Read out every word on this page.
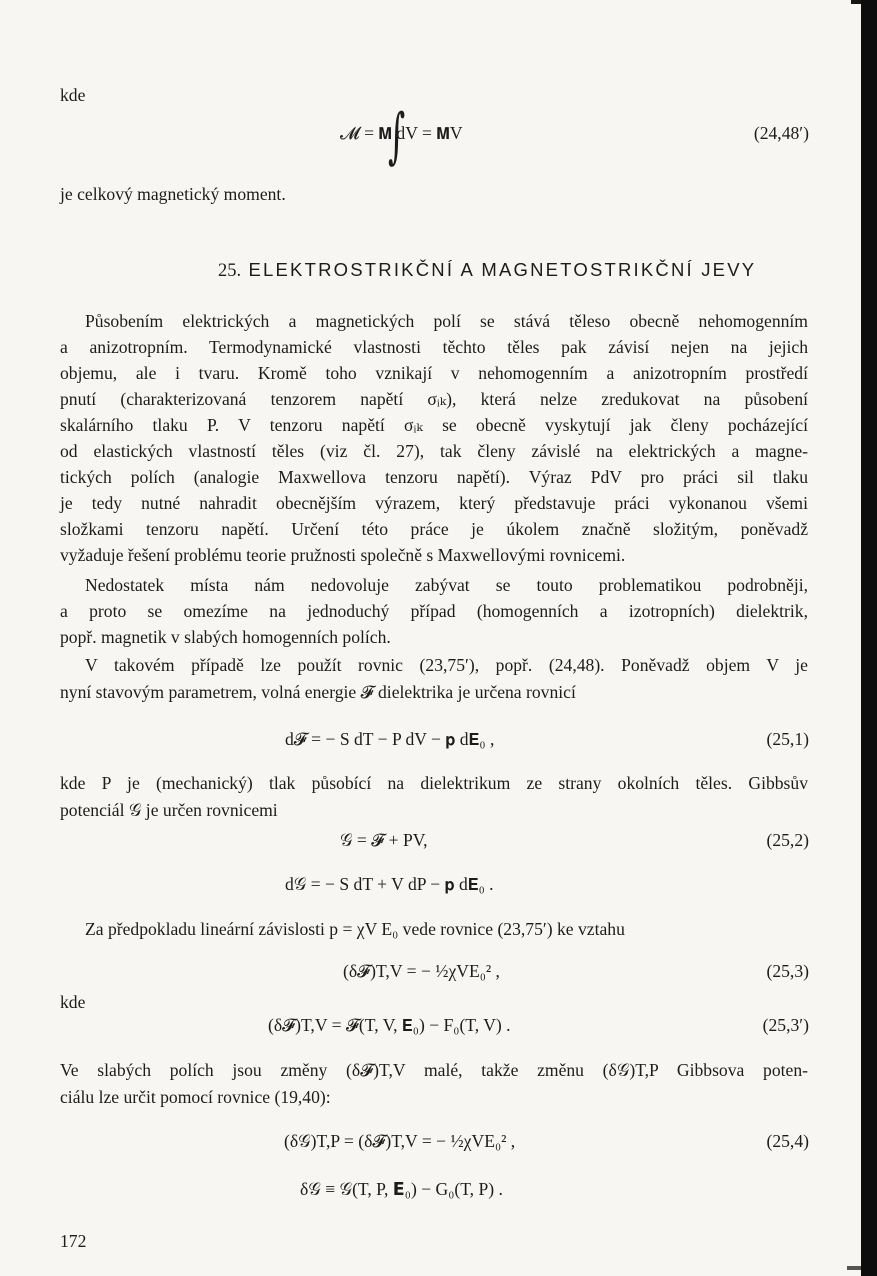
kde
𝓜 = 𝗠 dV = 𝗠V
∫	(24,48′)
je celkový magnetický moment.
25. ELEKTROSTRIKČNÍ A MAGNETOSTRIKČNÍ JEVY
Působením elektrických a magnetických polí se stává těleso obecně nehomogenním
a anizotropním. Termodynamické vlastnosti těchto těles pak závisí nejen na jejich
objemu, ale i tvaru. Kromě toho vznikají v nehomogenním a anizotropním prostředí
pnutí (charakterizovaná tenzorem napětí σᵢₖ), která nelze zredukovat na působení
skalárního tlaku P. V tenzoru napětí σᵢₖ se obecně vyskytují jak členy pocházející
od elastických vlastností těles (viz čl. 27), tak členy závislé na elektrických a magne-
tických polích (analogie Maxwellova tenzoru napětí). Výraz PdV pro práci sil tlaku
je tedy nutné nahradit obecnějším výrazem, který představuje práci vykonanou všemi
složkami tenzoru napětí. Určení této práce je úkolem značně složitým, poněvadž
vyžaduje řešení problému teorie pružnosti společně s Maxwellovými rovnicemi.
Nedostatek místa nám nedovoluje zabývat se touto problematikou podrobněji,
a proto se omezíme na jednoduchý případ (homogenních a izotropních) dielektrik,
popř. magnetik v slabých homogenních polích.
V takovém případě lze použít rovnic (23,75′), popř. (24,48). Poněvadž objem V je
nyní stavovým parametrem, volná energie 𝓕 dielektrika je určena rovnicí
d𝓕 = − S dT − P dV − 𝗽 d𝗘₀ ,	(25,1)
kde P je (mechanický) tlak působící na dielektrikum ze strany okolních těles. Gibbsův
potenciál 𝒢 je určen rovnicemi
𝒢 = 𝓕 + PV,	(25,2)
d𝒢 = − S dT + V dP − 𝗽 d𝗘₀ .
Za předpokladu lineární závislosti p = χV E₀ vede rovnice (23,75′) ke vztahu
(δ𝓕)T,V = − ½χVE₀² ,	(25,3)
kde
(δ𝓕)T,V = 𝓕(T, V, 𝗘₀) − F₀(T, V) .	(25,3′)
Ve slabých polích jsou změny (δ𝓕)T,V malé, takže změnu (δ𝒢)T,P Gibbsova poten-
ciálu lze určit pomocí rovnice (19,40):
(δ𝒢)T,P = (δ𝓕)T,V = − ½χVE₀² ,	(25,4)
δ𝒢 ≡ 𝒢(T, P, 𝗘₀) − G₀(T, P) .
172
